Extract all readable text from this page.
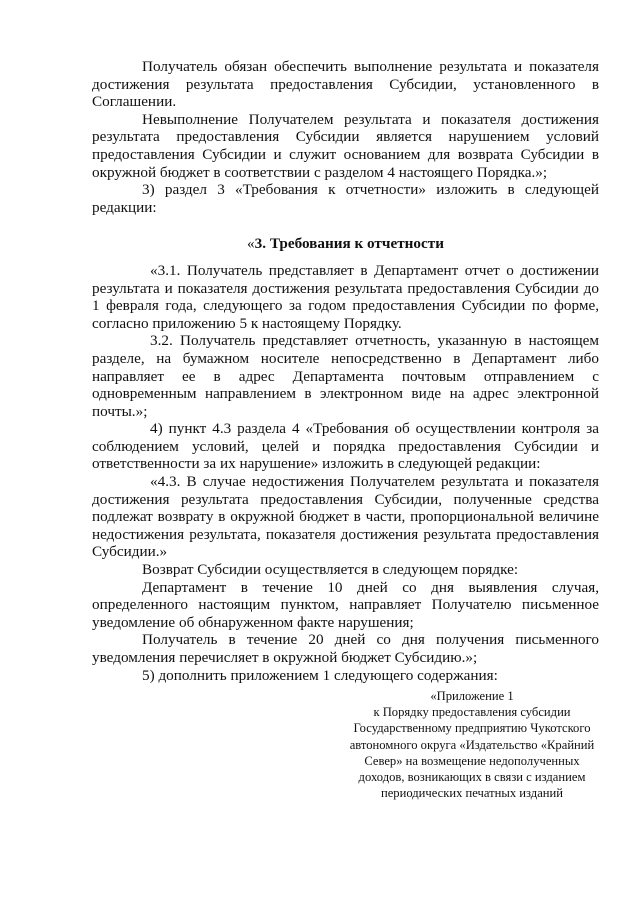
Получатель обязан обеспечить выполнение результата и показателя достижения результата предоставления Субсидии, установленного в Соглашении.

Невыполнение Получателем результата и показателя достижения результата предоставления Субсидии является нарушением условий предоставления Субсидии и служит основанием для возврата Субсидии в окружной бюджет в соответствии с разделом 4 настоящего Порядка.»;

3) раздел 3 «Требования к отчетности» изложить в следующей редакции:

«3. Требования к отчетности

«3.1. Получатель представляет в Департамент отчет о достижении результата и показателя достижения результата предоставления Субсидии до 1 февраля года, следующего за годом предоставления Субсидии по форме, согласно приложению 5 к настоящему Порядку.

3.2. Получатель представляет отчетность, указанную в настоящем разделе, на бумажном носителе непосредственно в Департамент либо направляет ее в адрес Департамента почтовым отправлением с одновременным направлением в электронном виде на адрес электронной почты.»;

4) пункт 4.3 раздела 4 «Требования об осуществлении контроля за соблюдением условий, целей и порядка предоставления Субсидии и ответственности за их нарушение» изложить в следующей редакции:

«4.3. В случае недостижения Получателем результата и показателя достижения результата предоставления Субсидии, полученные средства подлежат возврату в окружной бюджет в части, пропорциональной величине недостижения результата, показателя достижения результата предоставления Субсидии.»

Возврат Субсидии осуществляется в следующем порядке:

Департамент в течение 10 дней со дня выявления случая, определенного настоящим пунктом, направляет Получателю письменное уведомление об обнаруженном факте нарушения;

Получатель в течение 20 дней со дня получения письменного уведомления перечисляет в окружной бюджет Субсидию.»;

5) дополнить приложением 1 следующего содержания:

«Приложение 1
к Порядку предоставления субсидии
Государственному предприятию Чукотского
автономного округа «Издательство «Крайний
Север» на возмещение недополученных
доходов, возникающих в связи с изданием
периодических печатных изданий
